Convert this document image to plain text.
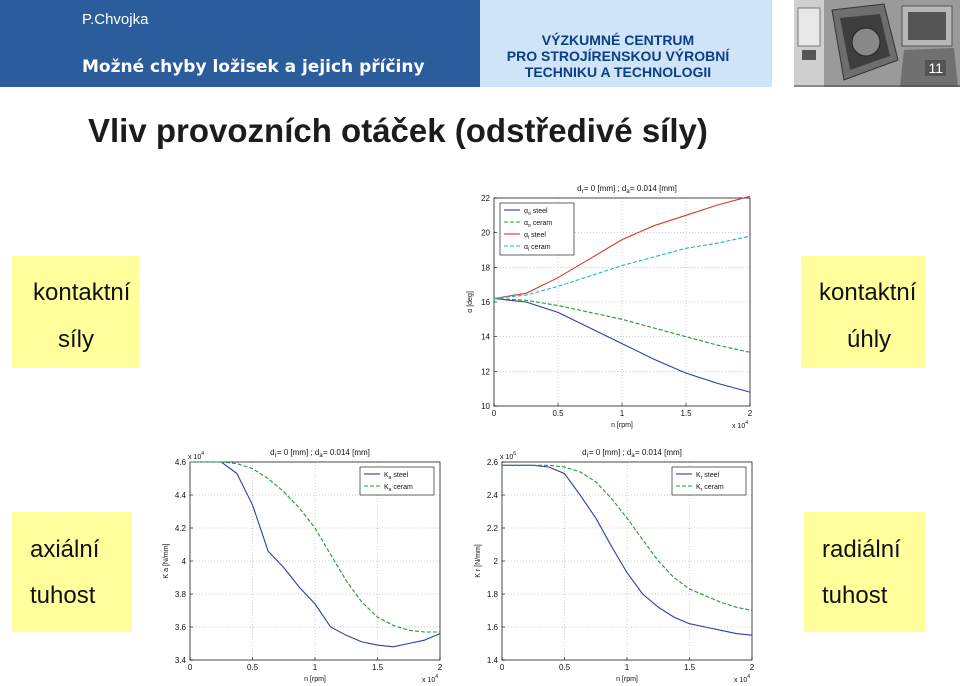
P.Chvojka
Možné chyby ložisek a jejich příčiny
VÝZKUMNÉ CENTRUM
PRO STROJÍRENSKOU VÝROBNÍ
TECHNIKU A TECHNOLOGII	11
Vliv provozních otáček (odstředivé síly)
kontaktní
síly
kontaktní
úhly
axiální
tuhost
radiální
tuhost
0	0.5	1	1.5	2
10
12
14
16
18
20
22
$d_r = 0$ [mm] ; $d_a = 0.014$ [mm]
x $10^4$
n [rpm]
α [deg]
$\alpha_o$ steel
$\alpha_o$ ceram
$\alpha_i$ steel
$\alpha_i$ ceram
0	0.5	1	1.5	2
3.4
3.6
3.8
4
4.2
4.4
4.6
$d_r = 0$ [mm] ; $d_a = 0.014$ [mm]
x $10^4$
x $10^4$
n [rpm]
K a [N/mm]
$K_a$ steel
$K_a$ ceram
0	0.5	1	1.5	2
1.4
1.6
1.8
2
2.2
2.4
2.6
$d_r = 0$ [mm] ; $d_a = 0.014$ [mm]
x $10^4$
x $10^6$
n [rpm]
K r [N/mm]
$K_r$ steel
$K_r$ ceram
